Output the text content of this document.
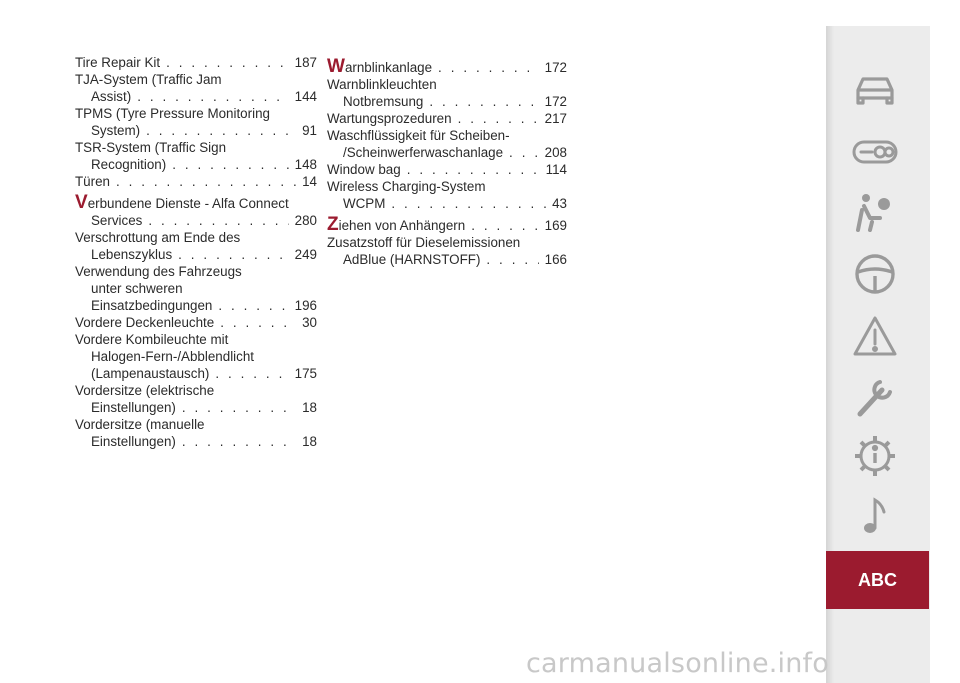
Tire Repair Kit . . .	187
TJA-System (Traffic Jam
Assist) . . .	144
TPMS (Tyre Pressure Monitoring
System) . . .	91
TSR-System (Traffic Sign
Recognition) . . .	148
Türen . . .	14
Verbundene Dienste - Alfa Connect
Services . . .	280
Verschrottung am Ende des
Lebenszyklus . . .	249
Verwendung des Fahrzeugs
unter schweren
Einsatzbedingungen . . .	196
Vordere Deckenleuchte . . .	30
Vordere Kombileuchte mit
Halogen-Fern-/Abblendlicht
(Lampenaustausch) . . .	175
Vordersitze (elektrische
Einstellungen) . . .	18
Vordersitze (manuelle
Einstellungen) . . .	18
Warnblinkanlage . . .	172
Warnblinkleuchten
Notbremsung . . .	172
Wartungsprozeduren . . .	217
Waschflüssigkeit für Scheiben-
/Scheinwerferwaschanlage . . .	208
Window bag . . .	114
Wireless Charging-System
WCPM . . .	43
Ziehen von Anhängern . . .	169
Zusatzstoff für Dieselemissionen
AdBlue (HARNSTOFF) . . .	166
ABC
carmanualsonline.info
